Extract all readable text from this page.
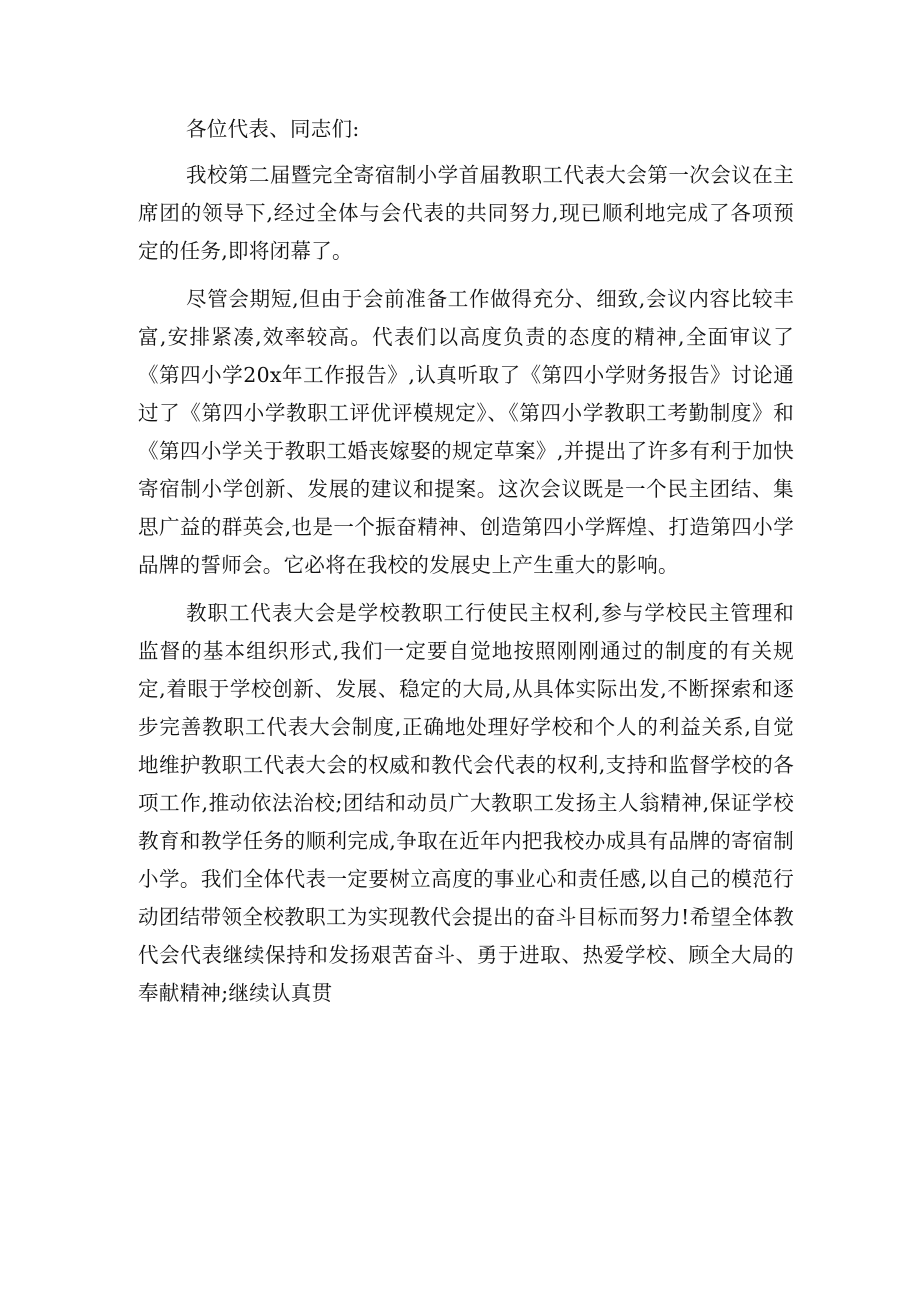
各位代表、同志们:

我校第二届暨完全寄宿制小学首届教职工代表大会第一次会议在主席团的领导下,经过全体与会代表的共同努力,现已顺利地完成了各项预定的任务,即将闭幕了。

尽管会期短,但由于会前准备工作做得充分、细致,会议内容比较丰富,安排紧凑,效率较高。代表们以高度负责的态度的精神,全面审议了《第四小学20x年工作报告》,认真听取了《第四小学财务报告》讨论通过了《第四小学教职工评优评模规定》、《第四小学教职工考勤制度》和《第四小学关于教职工婚丧嫁娶的规定草案》,并提出了许多有利于加快寄宿制小学创新、发展的建议和提案。这次会议既是一个民主团结、集思广益的群英会,也是一个振奋精神、创造第四小学辉煌、打造第四小学品牌的誓师会。它必将在我校的发展史上产生重大的影响。

教职工代表大会是学校教职工行使民主权利,参与学校民主管理和监督的基本组织形式,我们一定要自觉地按照刚刚通过的制度的有关规定,着眼于学校创新、发展、稳定的大局,从具体实际出发,不断探索和逐步完善教职工代表大会制度,正确地处理好学校和个人的利益关系,自觉地维护教职工代表大会的权威和教代会代表的权利,支持和监督学校的各项工作,推动依法治校;团结和动员广大教职工发扬主人翁精神,保证学校教育和教学任务的顺利完成,争取在近年内把我校办成具有品牌的寄宿制小学。我们全体代表一定要树立高度的事业心和责任感,以自己的模范行动团结带领全校教职工为实现教代会提出的奋斗目标而努力!希望全体教代会代表继续保持和发扬艰苦奋斗、勇于进取、热爱学校、顾全大局的奉献精神;继续认真贯
